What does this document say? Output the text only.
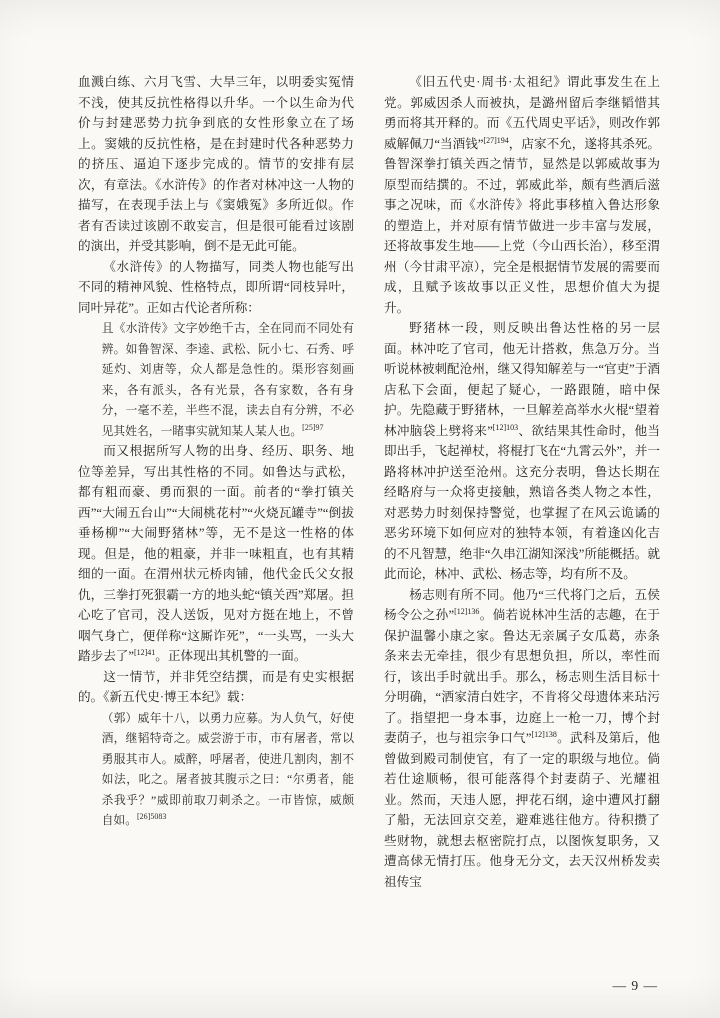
血溅白练、六月飞雪、大旱三年，以明委实冤情不浅，使其反抗性格得以升华。一个以生命为代价与封建恶势力抗争到底的女性形象立在了场上。窦娥的反抗性格，是在封建时代各种恶势力的挤压、逼迫下逐步完成的。情节的安排有层次，有章法。《水浒传》的作者对林冲这一人物的描写，在表现手法上与《窦娥冤》多所近似。作者有否读过该剧不敢妄言，但是很可能看过该剧的演出，并受其影响，倒不是无此可能。

《水浒传》的人物描写，同类人物也能写出不同的精神风貌、性格特点，即所谓“同枝异叶，同叶异花”。正如古代论者所称：

且《水浒传》文字妙绝千古，全在同而不同处有辨。如鲁智深、李逵、武松、阮小七、石秀、呼延灼、刘唐等，众人都是急性的。渠形容刻画来，各有派头，各有光景，各有家数，各有身分，一毫不差，半些不混，读去自有分辨，不必见其姓名，一睹事实就知某人某人也。$^{[25]97}$

而又根据所写人物的出身、经历、职务、地位等差异，写出其性格的不同。如鲁达与武松，都有粗而豪、勇而狠的一面。前者的“拳打镇关西”“大闹五台山”“大闹桃花村”“火烧瓦罐寺”“倒拔垂杨柳”“大闹野猪林”等，无不是这一性格的体现。但是，他的粗豪，并非一味粗直，也有其精细的一面。在渭州状元桥肉铺，他代金氏父女报仇，三拳打死狠霸一方的地头蛇“镇关西”郑屠。担心吃了官司，没人送饭，见对方挺在地上，不曾咽气身亡，便佯称“这厮诈死”，“一头骂，一头大踏步去了”$^{[12]41}$。正体现出其机警的一面。

这一情节，并非凭空结撰，而是有史实根据的。《新五代史·博王本纪》载：

（郭）威年十八，以勇力应募。为人负气，好使酒，继韬特奇之。威尝游于市，市有屠者，常以勇服其市人。威醉，呼屠者，使进几割肉，割不如法，叱之。屠者披其腹示之曰：“尔勇者，能杀我乎？”威即前取刀刺杀之。一市皆惊，威颇自如。$^{[26]5083}$

《旧五代史·周书·太祖纪》谓此事发生在上党。郭威因杀人而被执，是潞州留后李继韬惜其勇而将其开释的。而《五代周史平话》，则改作郭威解佩刀“当酒钱”$^{[27]194}$，店家不允，遂将其杀死。鲁智深拳打镇关西之情节，显然是以郭威故事为原型而结撰的。不过，郭威此举，颇有些酒后滋事之况味，而《水浒传》将此事移植入鲁达形象的塑造上，并对原有情节做进一步丰富与发展，还将故事发生地——上党（今山西长治），移至渭州（今甘肃平凉），完全是根据情节发展的需要而成，且赋予该故事以正义性，思想价值大为提升。

野猪林一段，则反映出鲁达性格的另一层面。林冲吃了官司，他无计搭救，焦急万分。当听说林被刺配沧州，继又得知解差与一“官吏”于酒店私下会面，便起了疑心，一路跟随，暗中保护。先隐藏于野猪林，一旦解差高举水火棍“望着林冲脑袋上劈将来”$^{[12]103}$、欲结果其性命时，他当即出手，飞起禅杖，将棍打飞在“九霄云外”，并一路将林冲护送至沧州。这充分表明，鲁达长期在经略府与一众将吏接触，熟谙各类人物之本性，对恶势力时刻保持警觉，也掌握了在风云诡谲的恶劣环境下如何应对的独特本领，有着逢凶化吉的不凡智慧，绝非“久串江湖知深浅”所能概括。就此而论，林冲、武松、杨志等，均有所不及。

杨志则有所不同。他乃“三代将门之后，五侯杨令公之孙”$^{[12]136}$。倘若说林冲生活的志趣，在于保护温馨小康之家。鲁达无亲属子女瓜葛，赤条条来去无牵挂，很少有思想负担，所以，率性而行，该出手时就出手。那么，杨志则生活目标十分明确，“洒家清白姓字，不肯将父母遗体来玷污了。指望把一身本事，边庭上一枪一刀，博个封妻荫子，也与祖宗争口气”$^{[12]138}$。武科及第后，他曾做到殿司制使官，有了一定的职级与地位。倘若仕途顺畅，很可能落得个封妻荫子、光耀祖业。然而，天违人愿，押花石纲，途中遭风打翻了船，无法回京交差，避难逃往他方。待积攒了些财物，就想去枢密院打点，以图恢复职务，又遭高俅无情打压。他身无分文，去天汉州桥发卖祖传宝

— 9 —
